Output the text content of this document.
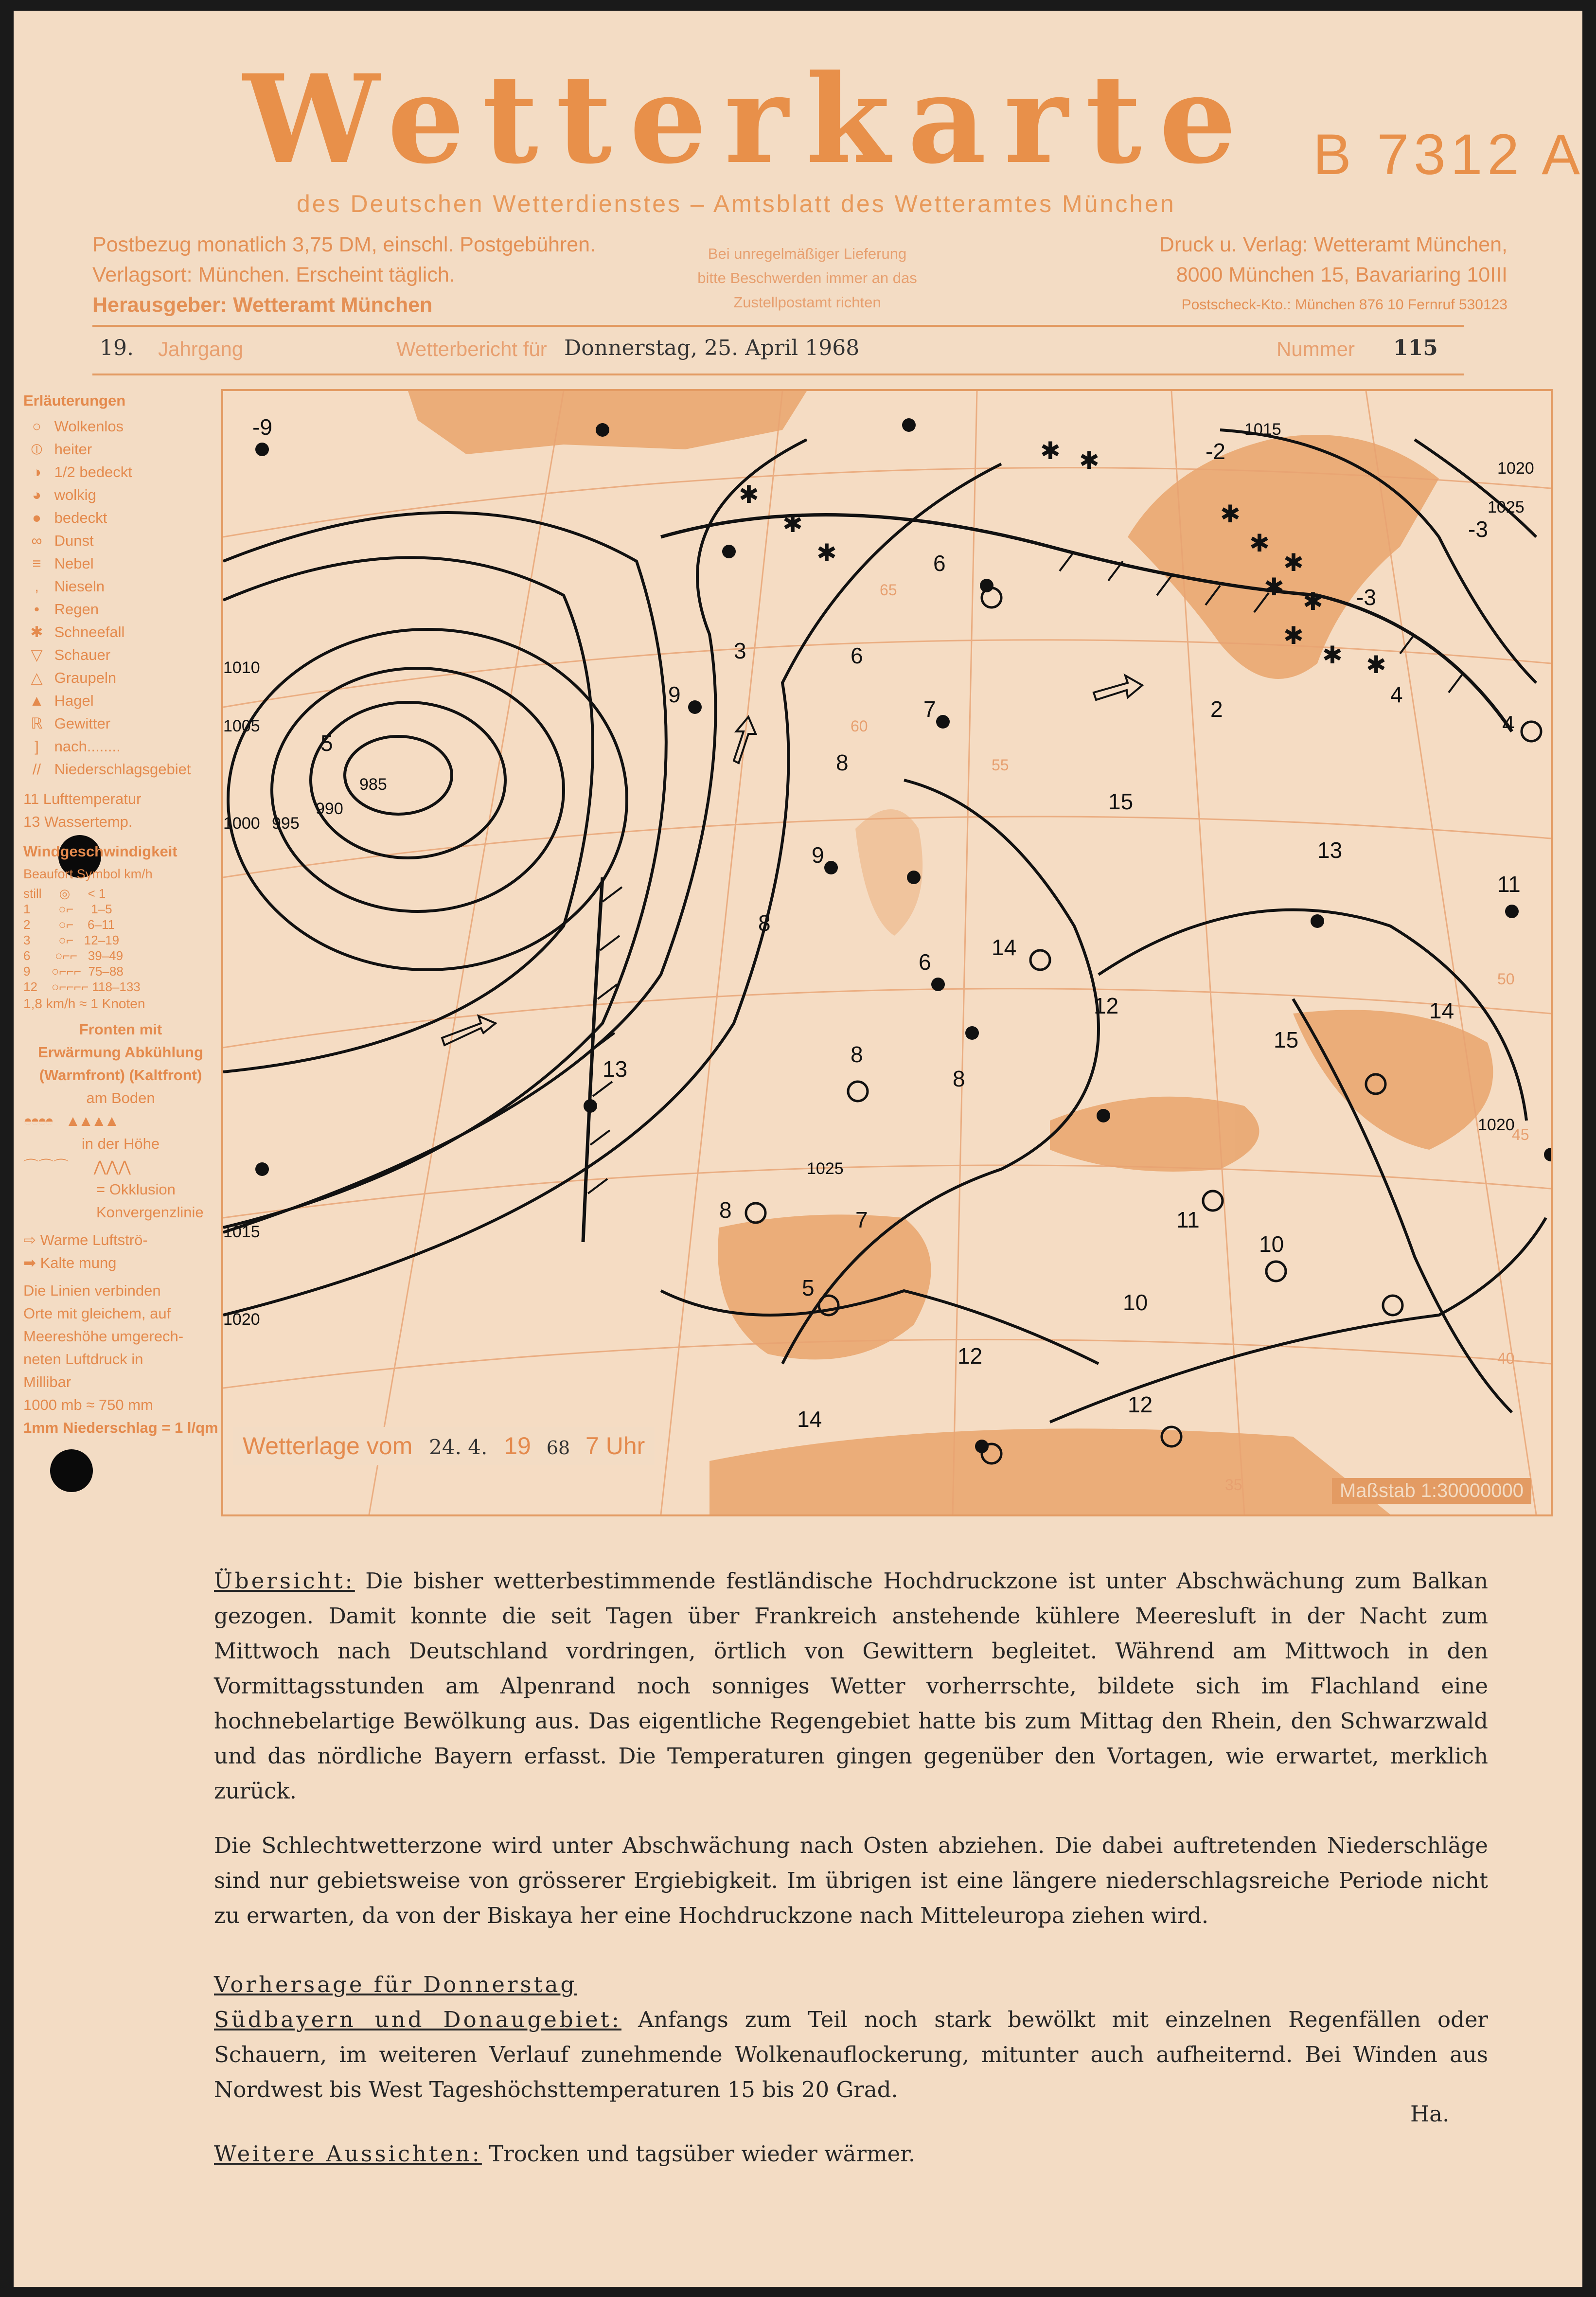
Wetterkarte B 7312 A
des Deutschen Wetterdienstes – Amtsblatt des Wetteramtes München
Postbezug monatlich 3,75 DM, einschl. Postgebühren.
Verlagsort: München. Erscheint täglich.
Herausgeber: Wetteramt München
Bei unregelmäßiger Lieferung
bitte Beschwerden immer an das
Zustellpostamt richten
Druck u. Verlag: Wetteramt München,
8000 München 15, Bavariaring 10III
Postscheck-Kto.: München 876 10 Fernruf 530123
19. Jahrgang	Wetterbericht für Donnerstag, 25. April 1968	Nummer 115
Erläuterungen
○ Wolkenlos
⦶ heiter
◑ 1/2 bedeckt
◕ wolkig
● bedeckt
∞ Dunst
≡ Nebel
, Nieseln
• Regen
✱ Schneefall
▽ Schauer
△ Graupeln
▲ Hagel
ℝ Gewitter
] nach........
// Niederschlagsgebiet
11 Lufttemperatur
13 Wassertemp.
Windgeschwindigkeit
Beaufort Symbol km/h
still     ◎     < 1
1        ○⌐     1–5
2        ○⌐    6–11
3        ○⌐   12–19
6       ○⌐⌐   39–49
9      ○⌐⌐⌐  75–88
12    ○⌐⌐⌐⌐ 118–133
1,8 km/h ≈ 1 Knoten
Fronten mit
Erwärmung Abkühlung
(Warmfront) (Kaltfront)
am Boden
◓◓◓◓      ▲▲▲▲
in der Höhe
⌒⌒⌒      ⋀⋀⋀
= Okklusion
Konvergenzlinie
⇨ Warme Luftströ-
➡ Kalte mung
Die Linien verbinden
Orte mit gleichem, auf
Meereshöhe umgerech-
neten Luftdruck in
Millibar
1000 mb ≈ 750 mm
1mm Niederschlag = 1 l/qm
985
990
995
1000
1005
1010
1015
1020
1015
1020
1025
1025
1020
-9
6
6
7
9
8
9
8
14
6
12
15
14
13
8
8
8	7
5
12
12
11
10
13
11
-2
-3
-3
2
4
4
15
10
14
5
3
✱ ✱
✱
✱
✱
✱
✱
✱
✱ ✱
✱
✱
✱
65
60
55
50
45
40
35
Wetterlage vom 24. 4. 19 68 7 Uhr
Maßstab 1:30000000

Übersicht: Die bisher wetterbestimmende festländische Hochdruckzone ist unter Abschwächung zum Balkan gezogen. Damit konnte die seit Tagen über Frankreich anstehende kühlere Meeresluft in der Nacht zum Mittwoch nach Deutschland vordringen, örtlich von Gewittern begleitet. Während am Mittwoch in den Vormittagsstunden am Alpenrand noch sonniges Wetter vorherrschte, bildete sich im Flachland eine hochnebelartige Bewölkung aus. Das eigentliche Regengebiet hatte bis zum Mittag den Rhein, den Schwarzwald und das nördliche Bayern erfasst. Die Temperaturen gingen gegenüber den Vortagen, wie erwartet, merklich zurück.

Die Schlechtwetterzone wird unter Abschwächung nach Osten abziehen. Die dabei auftretenden Niederschläge sind nur gebietsweise von grösserer Ergiebigkeit. Im übrigen ist eine längere niederschlagsreiche Periode nicht zu erwarten, da von der Biskaya her eine Hochdruckzone nach Mitteleuropa ziehen wird.

Vorhersage für Donnerstag

Südbayern und Donaugebiet: Anfangs zum Teil noch stark bewölkt mit einzelnen Regenfällen oder Schauern, im weiteren Verlauf zunehmende Wolkenauflockerung, mitunter auch aufheiternd. Bei Winden aus Nordwest bis West Tageshöchsttemperaturen 15 bis 20 Grad.

Weitere Aussichten: Trocken und tagsüber wieder wärmer.

Ha.
